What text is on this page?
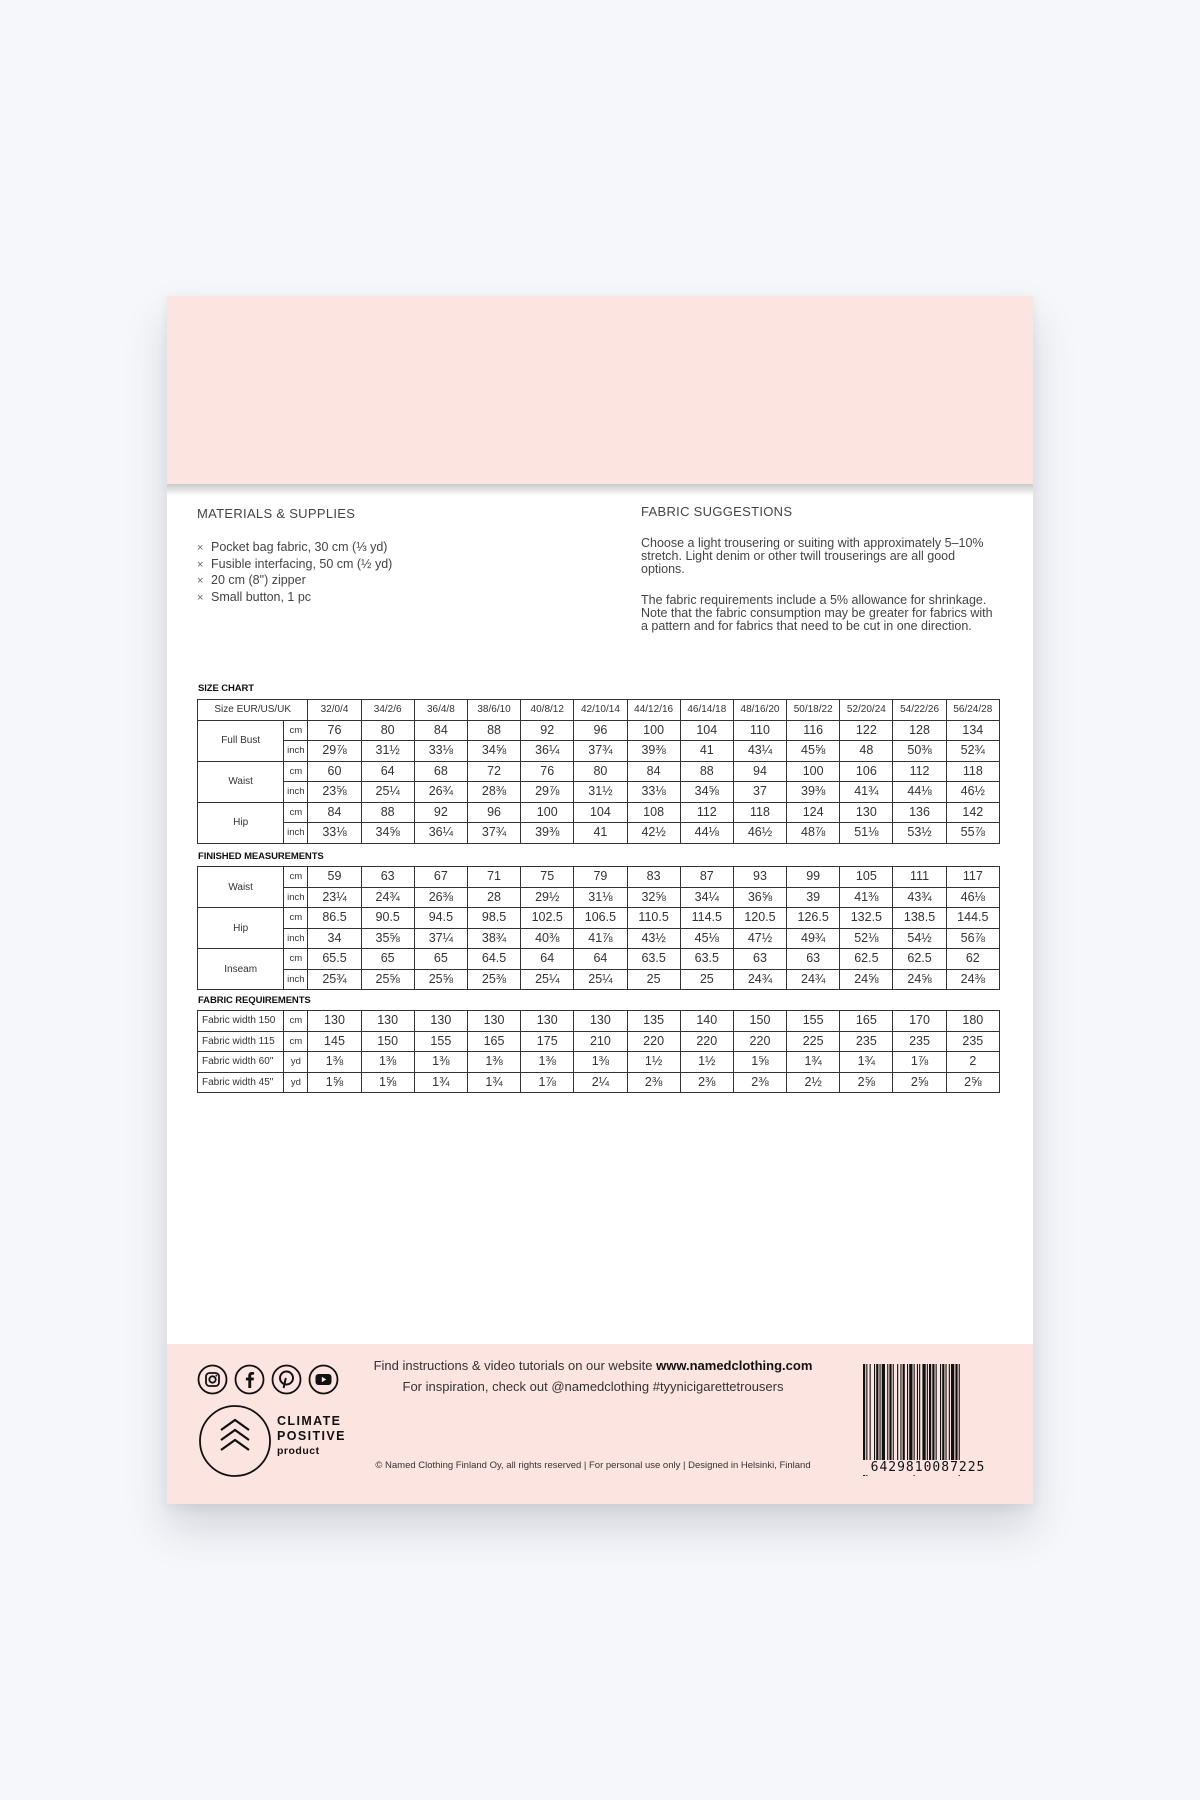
MATERIALS & SUPPLIES
× Pocket bag fabric, 30 cm (⅓ yd)
× Fusible interfacing, 50 cm (½ yd)
× 20 cm (8") zipper
× Small button, 1 pc
FABRIC SUGGESTIONS

Choose a light trousering or suiting with approximately 5–10% stretch. Light denim or other twill trouserings are all good options.

The fabric requirements include a 5% allowance for shrinkage. Note that the fabric consumption may be greater for fabrics with a pattern and for fabrics that need to be cut in one direction.

SIZE CHART
Size EUR/US/UK		32/0/4	34/2/6	36/4/8	38/6/10	40/8/12	42/10/14	44/12/16	46/14/18	48/16/20	50/18/22	52/20/24	54/22/26	56/24/28
Full Bust	cm	76	80	84	88	92	96	100	104	110	116	122	128	134
	inch	29⅞	31½	33⅛	34⅝	36¼	37¾	39⅜	41	43¼	45⅝	48	50⅜	52¾
Waist	cm	60	64	68	72	76	80	84	88	94	100	106	112	118
	inch	23⅝	25¼	26¾	28⅜	29⅞	31½	33⅛	34⅝	37	39⅜	41¾	44⅛	46½
Hip	cm	84	88	92	96	100	104	108	112	118	124	130	136	142
	inch	33⅛	34⅝	36¼	37¾	39⅜	41	42½	44⅛	46½	48⅞	51⅛	53½	55⅞
FINISHED MEASUREMENTS
Waist	cm	59	63	67	71	75	79	83	87	93	99	105	111	117
	inch	23¼	24¾	26⅜	28	29½	31⅛	32⅝	34¼	36⅝	39	41⅜	43¾	46⅛
Hip	cm	86.5	90.5	94.5	98.5	102.5	106.5	110.5	114.5	120.5	126.5	132.5	138.5	144.5
	inch	34	35⅝	37¼	38¾	40⅜	41⅞	43½	45⅛	47½	49¾	52⅛	54½	56⅞
Inseam	cm	65.5	65	65	64.5	64	64	63.5	63.5	63	63	62.5	62.5	62
	inch	25¾	25⅝	25⅝	25⅜	25¼	25¼	25	25	24¾	24¾	24⅝	24⅝	24⅜
FABRIC REQUIREMENTS
Fabric width 150	cm	130	130	130	130	130	130	135	140	150	155	165	170	180
Fabric width 115	cm	145	150	155	165	175	210	220	220	220	225	235	235	235
Fabric width 60"	yd	1⅜	1⅜	1⅜	1⅜	1⅜	1⅜	1½	1½	1⅝	1¾	1¾	1⅞	2
Fabric width 45"	yd	1⅝	1⅝	1¾	1¾	1⅞	2¼	2⅜	2⅜	2⅜	2½	2⅝	2⅝	2⅝
CLIMATE
POSITIVE
product

Find instructions & video tutorials on our website www.namedclothing.com

For inspiration, check out @namedclothing #tyynicigarettetrousers

© Named Clothing Finland Oy, all rights reserved | For personal use only | Designed in Helsinki, Finland	6429810087225
